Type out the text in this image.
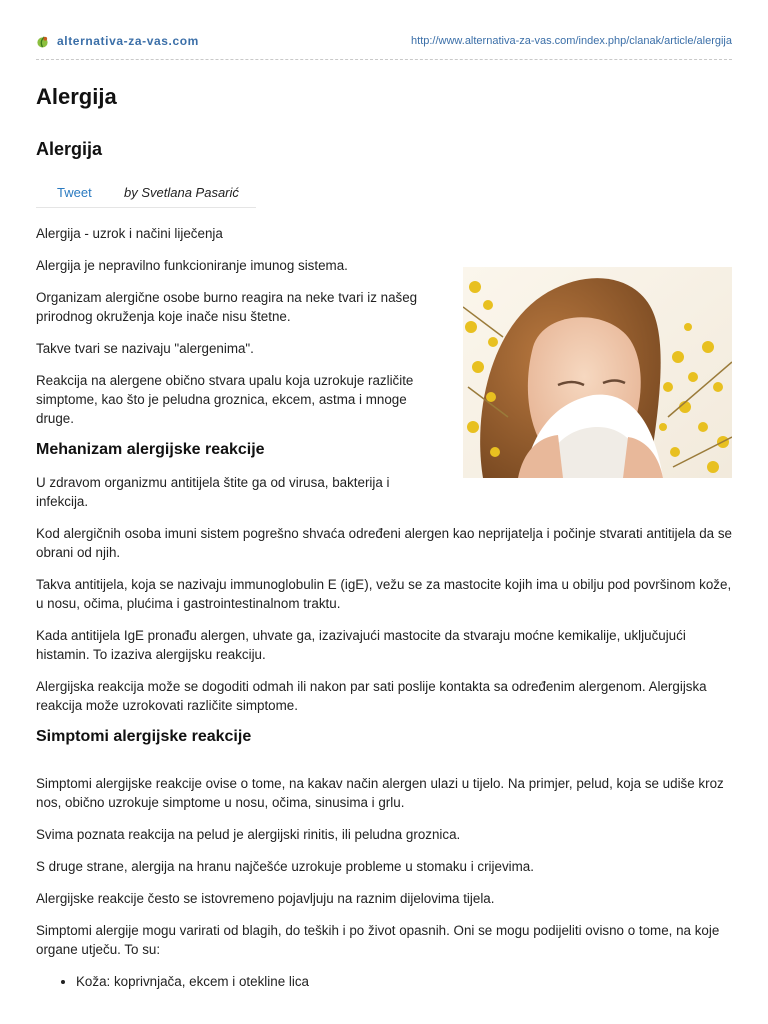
alternativa-za-vas.com	http://www.alternativa-za-vas.com/index.php/clanak/article/alergija
Alergija
Alergija
Tweet by Svetlana Pasarić

Alergija - uzrok i načini liječenja

Alergija je nepravilno funkcioniranje imunog sistema.

Organizam alergične osobe burno reagira na neke tvari iz našeg prirodnog okruženja koje inače nisu štetne.

Takve tvari se nazivaju "alergenima".

Reakcija na alergene obično stvara upalu koja uzrokuje različite simptome, kao što je peludna groznica, ekcem, astma i mnoge druge.

Mehanizam alergijske reakcije

U zdravom organizmu antitijela štite ga od virusa, bakterija i infekcija.

Kod alergičnih osoba imuni sistem pogrešno shvaća određeni alergen kao neprijatelja i počinje stvarati antitijela da se obrani od njih.

Takva antitijela, koja se nazivaju immunoglobulin E (igE), vežu se za mastocite kojih ima u obilju pod površinom kože, u nosu, očima, plućima i gastrointestinalnom traktu.

Kada antitijela IgE pronađu alergen, uhvate ga, izazivajući mastocite da stvaraju moćne kemikalije, uključujući histamin. To izaziva alergijsku reakciju.

Alergijska reakcija može se dogoditi odmah ili nakon par sati poslije kontakta sa određenim alergenom. Alergijska reakcija može uzrokovati različite simptome.

Simptomi alergijske reakcije

Simptomi alergijske reakcije ovise o tome, na kakav način alergen ulazi u tijelo. Na primjer, pelud, koja se udiše kroz nos, obično uzrokuje simptome u nosu, očima, sinusima i grlu.

Svima poznata reakcija na pelud je alergijski rinitis, ili peludna groznica.

S druge strane, alergija na hranu najčešće uzrokuje probleme u stomaku i crijevima.

Alergijske reakcije često se istovremeno pojavljuju na raznim dijelovima tijela.

Simptomi alergije mogu varirati od blagih, do teških i po život opasnih. Oni se mogu podijeliti ovisno o tome, na koje organe utječu. To su:

• Koža: koprivnjača, ekcem i otekline lica
